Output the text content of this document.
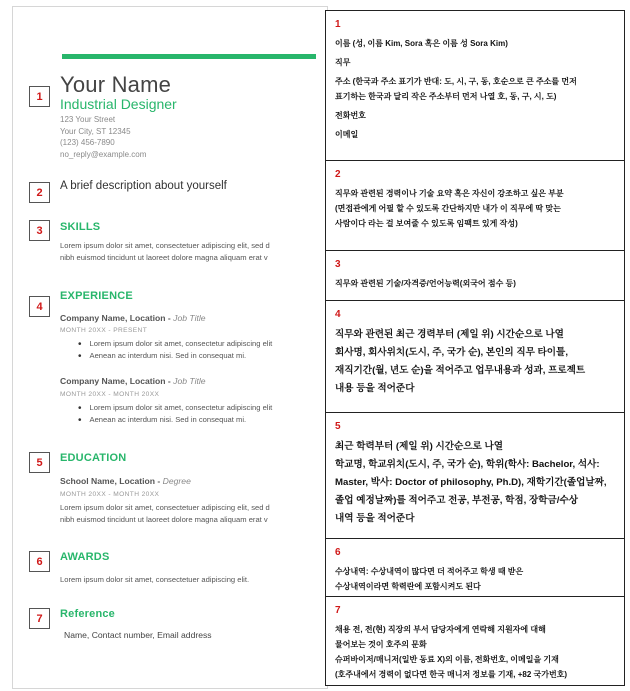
Your Name
Industrial Designer
123 Your Street
Your City, ST 12345
(123) 456-7890
no_reply@example.com
A brief description about yourself
SKILLS
Lorem ipsum dolor sit amet, consectetuer adipiscing elit, sed d
nibh euismod tincidunt ut laoreet dolore magna aliquam erat v
EXPERIENCE
Company Name, Location - Job Title
MONTH 20XX - PRESENT
• Lorem ipsum dolor sit amet, consectetur adipiscing elit
• Aenean ac interdum nisi. Sed in consequat mi.
Company Name, Location - Job Title
MONTH 20XX - MONTH 20XX
• Lorem ipsum dolor sit amet, consectetur adipiscing elit
• Aenean ac interdum nisi. Sed in consequat mi.
EDUCATION
School Name, Location - Degree
MONTH 20XX - MONTH 20XX
Lorem ipsum dolor sit amet, consectetuer adipiscing elit, sed d
nibh euismod tincidunt ut laoreet dolore magna aliquam erat v
AWARDS
Lorem ipsum dolor sit amet, consectetuer adipiscing elit.
Reference
Name, Contact number, Email address
1
2
3
4
5
6
7
1

이름 (성, 이름 Kim, Sora 혹은 이름 성 Sora Kim)

직무

주소 (한국과 주소 표기가 반대: 도, 시, 구, 동, 호순으로 큰 주소를 먼저

표기하는 한국과 달리 작은 주소부터 먼저 나열 호, 동, 구, 시, 도)

전화번호

이메일

2

직무와 관련된 경력이나 기술 요약 혹은 자신이 강조하고 싶은 부분

(면접관에게 어필 할 수 있도록 간단하지만 내가 이 직무에 딱 맞는

사람이다 라는 걸 보여줄 수 있도록 임팩트 있게 작성)

3

직무와 관련된 기술/자격증/언어능력(외국어 점수 등)

4

직무와 관련된 최근 경력부터 (제일 위) 시간순으로 나열

회사명, 회사위치(도시, 주, 국가 순), 본인의 직무 타이틀,

재직기간(월, 년도 순)을 적어주고 업무내용과 성과, 프로젝트

내용 등을 적어준다

5

최근 학력부터 (제일 위) 시간순으로 나열

학교명, 학교위치(도시, 주, 국가 순), 학위(학사: Bachelor, 석사:

Master, 박사: Doctor of philosophy, Ph.D), 재학기간(졸업날짜,

졸업 예정날짜)를 적어주고 전공, 부전공, 학점, 장학금/수상

내역 등을 적어준다

6

수상내역: 수상내역이 많다면 더 적어주고 학생 때 받은

수상내역이라면 학력란에 포함시켜도 된다

7

채용 전, 전(현) 직장의 부서 담당자에게 연락해 지원자에 대해

물어보는 것이 호주의 문화

슈퍼바이저/매니저(일반 동료 X)의 이름, 전화번호, 이메일을 기재

(호주내에서 경력이 없다면 한국 매니저 정보를 기재, +82 국가번호)
